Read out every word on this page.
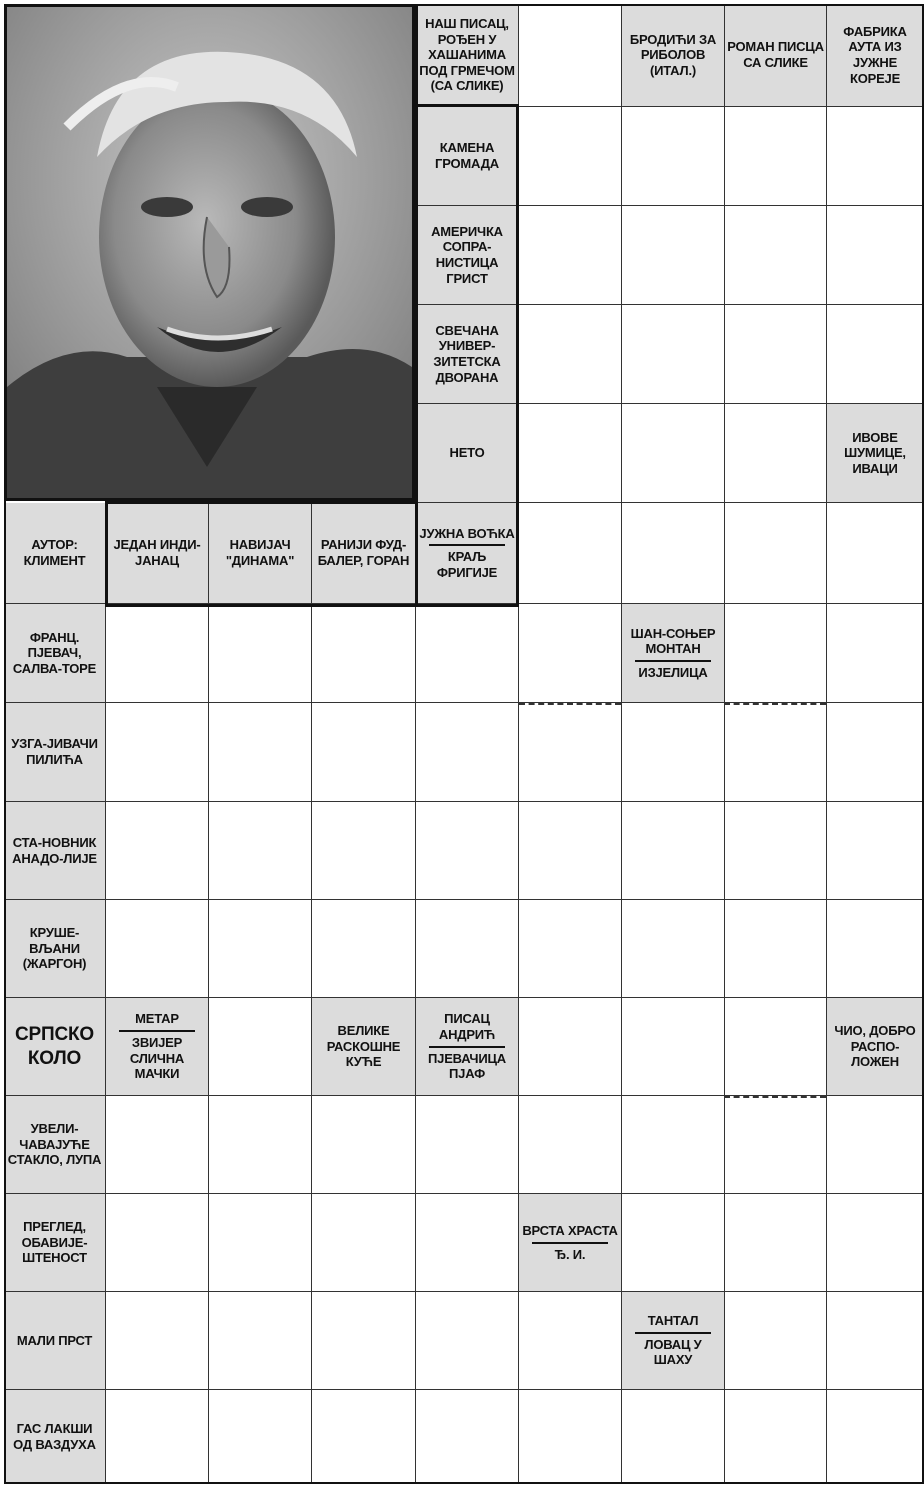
НАШ ПИСАЦ, РОЂЕН У ХАШАНИМА ПОД ГРМЕЧОМ (СА СЛИКЕ)
БРОДИЋИ ЗА РИБОЛОВ (ИТАЛ.)
РОМАН ПИСЦА СА СЛИКЕ
ФАБРИКА АУТА ИЗ ЈУЖНЕ КОРЕЈЕ
КАМЕНА ГРОМАДА
АМЕРИЧКА СОПРА-НИСТИЦА ГРИСТ
СВЕЧАНА УНИВЕР-ЗИТЕТСКА ДВОРАНА
НЕТО
ИВОВЕ ШУМИЦЕ, ИВАЦИ
АУТОР: КЛИМЕНТ
ЈЕДАН ИНДИ-ЈАНАЦ
НАВИЈАЧ "ДИНАМА"
РАНИЈИ ФУД-БАЛЕР, ГОРАН
ЈУЖНА ВОЋКА
КРАЉ ФРИГИЈЕ
ФРАНЦ. ПЈЕВАЧ, САЛВА-ТОРЕ
ШАН-СОЊЕР МОНТАН
ИЗЈЕЛИЦА
УЗГА-ЈИВАЧИ ПИЛИЋА
СТА-НОВНИК АНАДО-ЛИЈЕ
КРУШЕ-ВЉАНИ (ЖАРГОН)
СРПСКО КОЛО
МЕТАР
ЗВИЈЕР СЛИЧНА МАЧКИ
ВЕЛИКЕ РАСКОШНЕ КУЋЕ
ПИСАЦ АНДРИЋ
ПЈЕВАЧИЦА ПЈАФ
ЧИО, ДОБРО РАСПО-ЛОЖЕН
УВЕЛИ-ЧАВАЈУЋЕ СТАКЛО, ЛУПА
ПРЕГЛЕД, ОБАВИЈЕ-ШТЕНОСТ
ВРСТА ХРАСТА
Ђ. И.
МАЛИ ПРСТ
ТАНТАЛ
ЛОВАЦ У ШАХУ
ГАС ЛАКШИ ОД ВАЗДУХА
